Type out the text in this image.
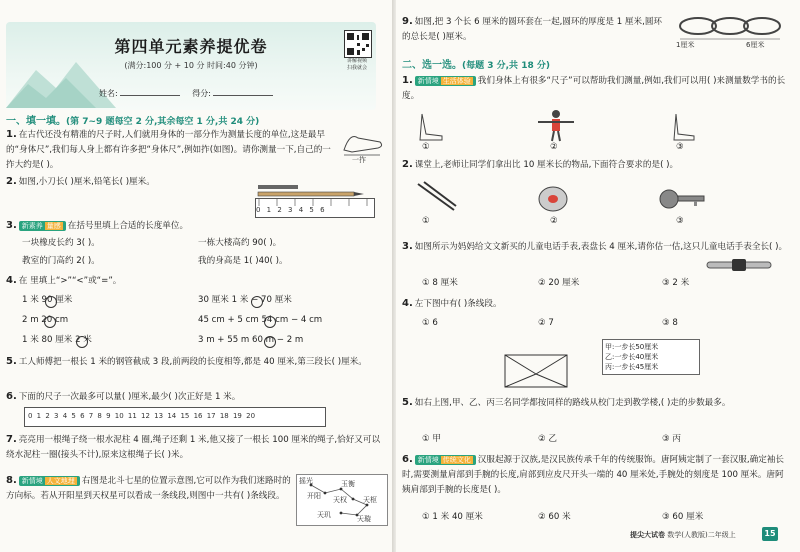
第四单元素养提优卷
(满分:100 分 + 10 分 时间:40 分钟)	讲解视频
扫我就会
姓名:	得分:
一、填一填。(第 7~9 题每空 2 分,其余每空 1 分,共 24 分)
1. 在古代还没有精准的尺子时,人们就用身体的一部分作为测量长度的单位,这是最早的“身体尺”,我们每人身上都有许多把“身体尺”,例如拃(如图)。请你测量一下,自己的一拃大约是( )。	一拃
2. 如图,小刀长( )厘米,铅笔长( )厘米。
0 1 2 3 4 5 6
3. 新素养 量感 在括号里填上合适的长度单位。
一块橡皮长约 3( )。	一栋大楼高约 90( )。
教室的门高约 2( )。	我的身高是 1( )40( )。
4. 在 里填上“>”“<”或“=”。
1 米 90 厘米	30 厘米 1 米 − 70 厘米
2 m 20 cm	45 cm + 5 cm 54 cm − 4 cm
1 米 80 厘米 2 米	3 m + 55 m 60 m − 2 m
5. 工人师傅把一根长 1 米的钢管截成 3 段,前两段的长度相等,都是 40 厘米,第三段长( )厘米。
6. 下面的尺子一次最多可以量( )厘米,最少( )次正好是 1 米。
0 1 2 3 4 5 6 7 8 9 10 11 12 13 14 15 16 17 18 19 20
7. 亮亮用一根绳子绕一根水泥柱 4 圈,绳子还剩 1 米,他又接了一根长 100 厘米的绳子,恰好又可以绕水泥柱一圈(接头不计),原来这根绳子长( )米。
8. 新情境 人文地理 右图是北斗七星的位置示意图,它可以作为我们迷路时的方向标。若从开阳星到天权星可以看成一条线段,则图中一共有( )条线段。
摇光
开阳
玉衡
天权 天枢
天玑	天璇
9. 如图,把 3 个长 6 厘米的圆环套在一起,圆环的厚度是 1 厘米,圆环的总长是( )厘米。
1厘米	6厘米
二、选一选。(每题 3 分,共 18 分)
1. 新情境 生活体验 我们身体上有很多“尺子”可以帮助我们测量,例如,我们可以用( )来测量数学书的长度。
①	②	③
2. 课堂上,老师让同学们拿出比 10 厘米长的物品,下面符合要求的是( )。
①	②	③
3. 如图所示为妈妈给文文新买的儿童电话手表,表盘长 4 厘米,请你估一估,这只儿童电话手表全长( )。
① 8 厘米	② 20 厘米	③ 2 米
4. 左下图中有( )条线段。
① 6	② 7	③ 8
甲:一步长50厘米
乙:一步长40厘米
丙:一步长45厘米
5. 如右上图,甲、乙、丙三名同学都按同样的路线从校门走到教学楼,( )走的步数最多。
① 甲	② 乙	③ 丙
6. 新情境 传统文化 汉服起源于汉族,是汉民族传承千年的传统服饰。唐阿姨定制了一套汉服,确定袖长时,需要测量肩部到手腕的长度,肩部到应皮尺开头一端的 40 厘米处,手腕处的刻度是 100 厘米。唐阿姨肩部到手腕的长度是( )。
① 1 米 40 厘米	② 60 米	③ 60 厘米
提尖大试卷 数学(人教版)二年级上	15
